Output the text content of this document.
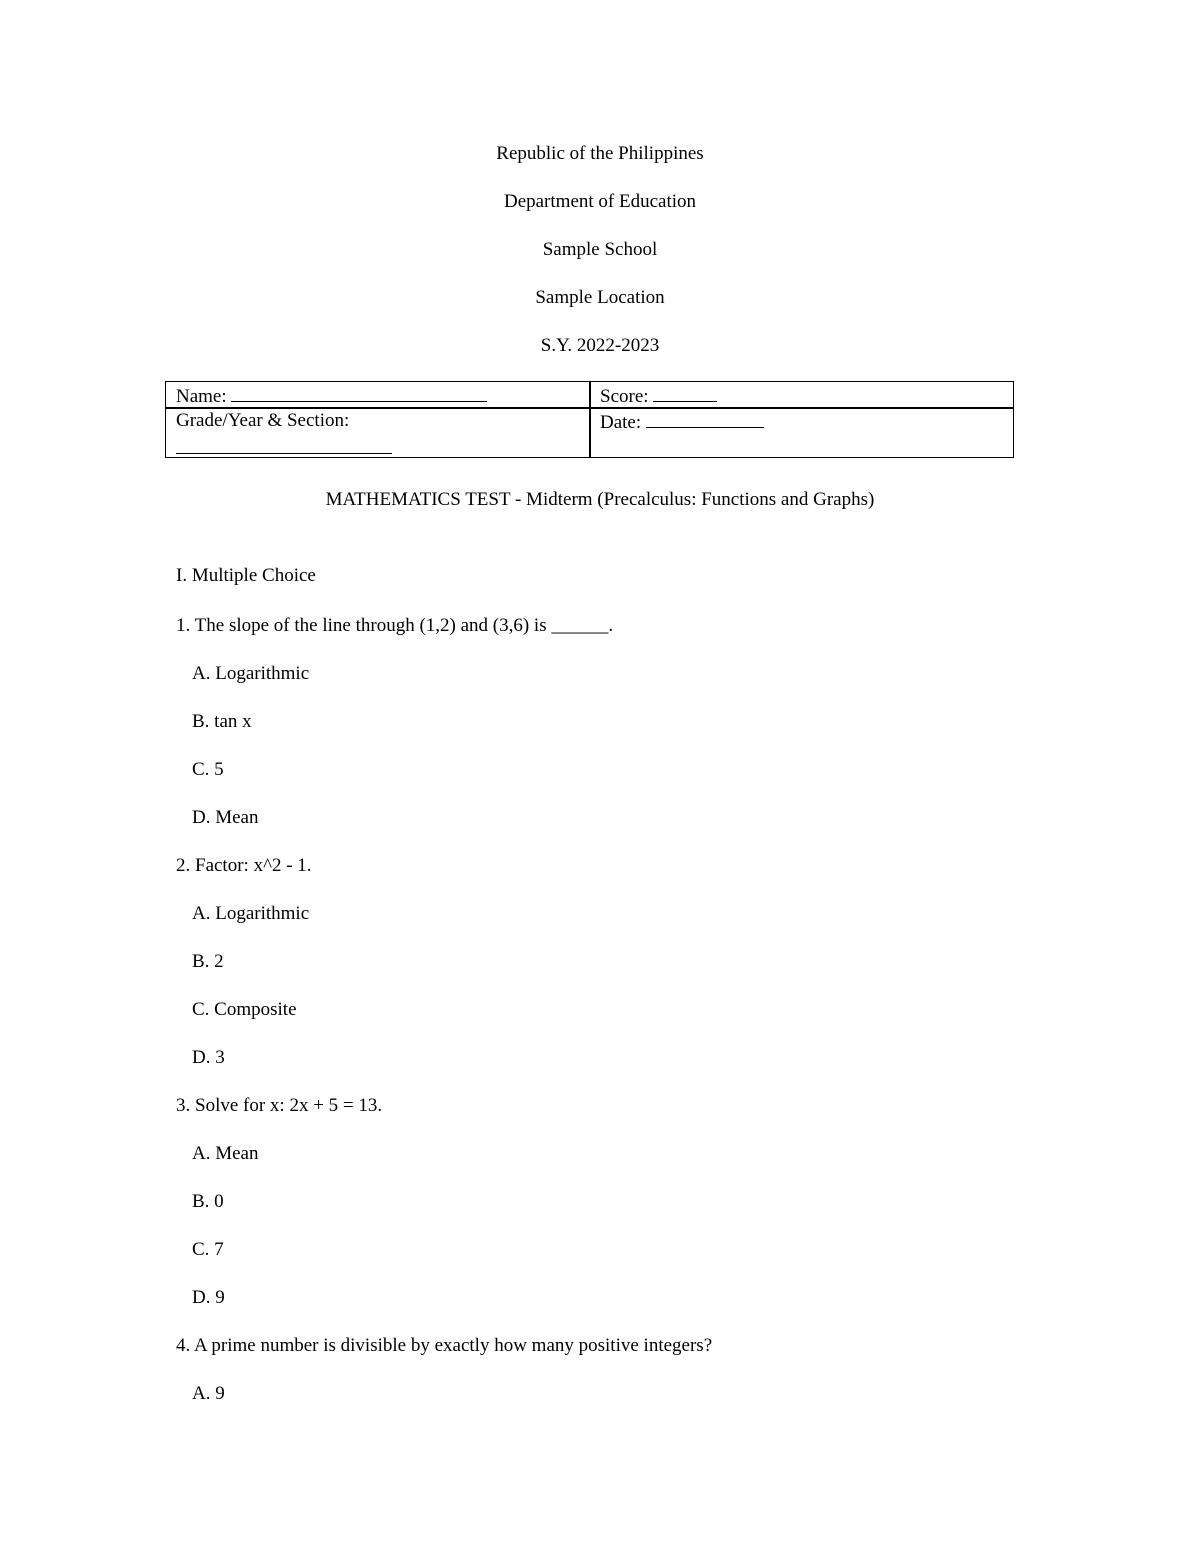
Republic of the Philippines
Department of Education
Sample School
Sample Location
S.Y. 2022-2023
Name:	Score:
Grade/Year & Section:	Date:
MATHEMATICS TEST - Midterm (Precalculus: Functions and Graphs)
I. Multiple Choice
1. The slope of the line through (1,2) and (3,6) is ______.
A. Logarithmic
B. tan x
C. 5
D. Mean
2. Factor: x^2 - 1.
A. Logarithmic
B. 2
C. Composite
D. 3
3. Solve for x: 2x + 5 = 13.
A. Mean
B. 0
C. 7
D. 9
4. A prime number is divisible by exactly how many positive integers?
A. 9
